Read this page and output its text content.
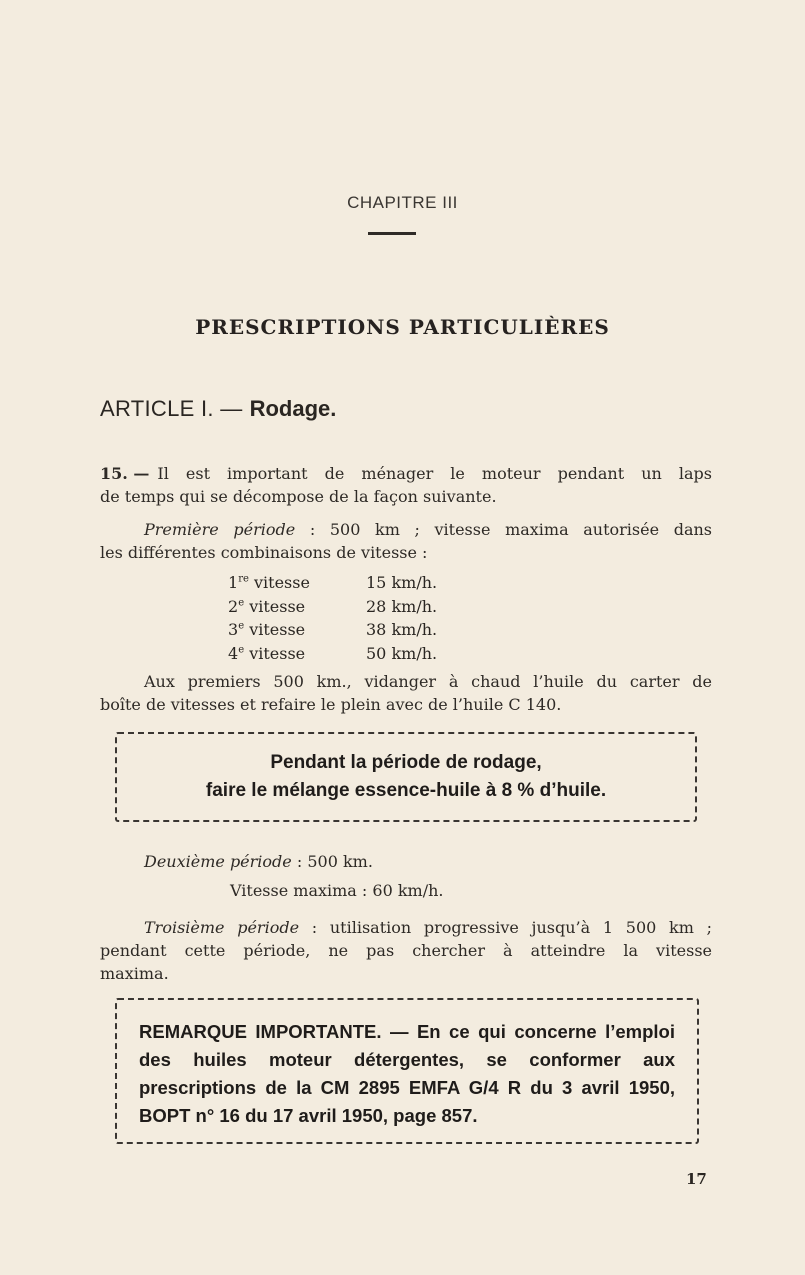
CHAPITRE III
PRESCRIPTIONS PARTICULIÈRES
ARTICLE I. — Rodage.
15. — Il est important de ménager le moteur pendant un laps
de temps qui se décompose de la façon suivante.
Première période : 500 km ; vitesse maxima autorisée dans
les différentes combinaisons de vitesse :
1re vitesse	15 km/h.
2e vitesse	28 km/h.
3e vitesse	38 km/h.
4e vitesse	50 km/h.
Aux premiers 500 km., vidanger à chaud l’huile du carter de
boîte de vitesses et refaire le plein avec de l’huile C 140.
Pendant la période de rodage,
faire le mélange essence-huile à 8 % d’huile.
Deuxième période : 500 km.
Vitesse maxima : 60 km/h.
Troisième période : utilisation progressive jusqu’à 1 500 km ;
pendant cette période, ne pas chercher à atteindre la vitesse
maxima.
REMARQUE IMPORTANTE. — En ce qui concerne l’emploi des huiles moteur détergentes, se conformer aux prescriptions de la CM 2895 EMFA G/4 R du 3 avril 1950, BOPT n° 16 du 17 avril 1950, page 857.
17
